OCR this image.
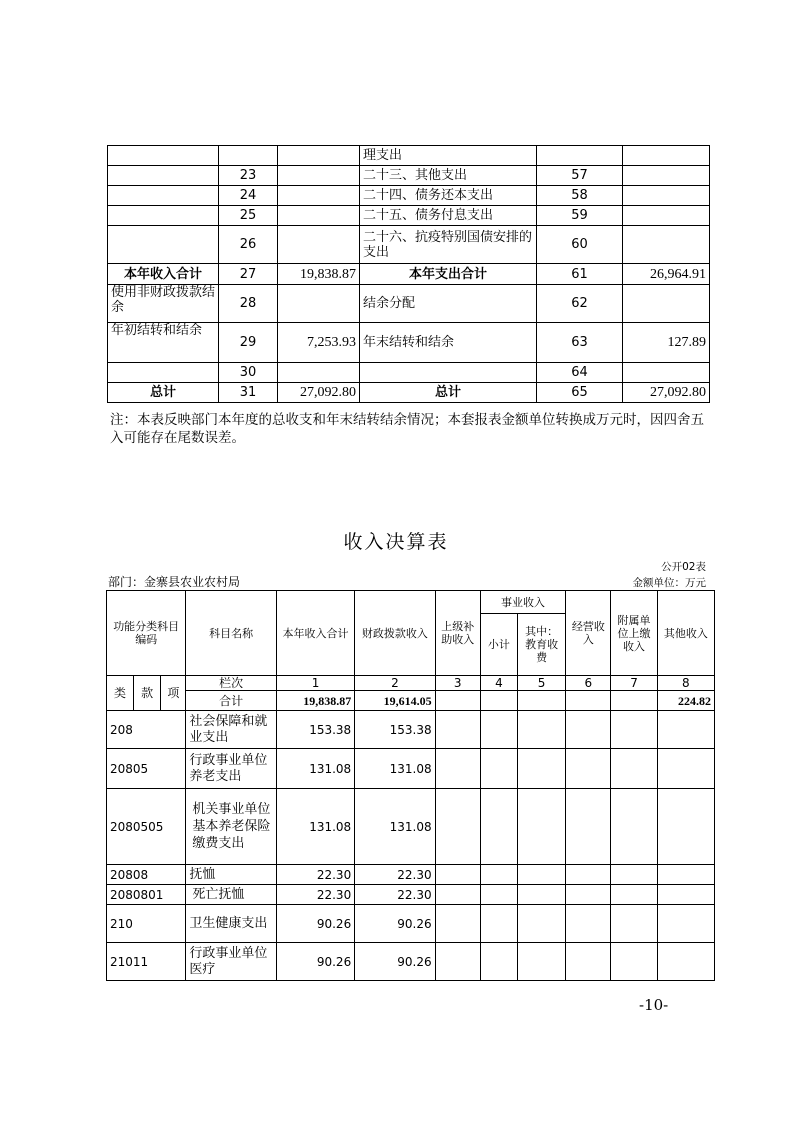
			理支出		
	23		二十三、其他支出	57	
	24		二十四、债务还本支出	58	
	25		二十五、债务付息支出	59	
	26		二十六、抗疫特别国债安排的支出	60	
本年收入合计	27	19,838.87	本年支出合计	61	26,964.91
使用非财政拨款结余	28		结余分配	62	
年初结转和结余	29	7,253.93	年末结转和结余	63	127.89
	30			64	
总计	31	27,092.80	总计	65	27,092.80
注：本表反映部门本年度的总收支和年末结转结余情况；本套报表金额单位转换成万元时，因四舍五入可能存在尾数误差。
收入决算表
公开02表
金额单位：万元
部门：金寨县农业农村局
功能分类科目编码			科目名称	本年收入合计	财政拨款收入	上级补助收入	事业收入		经营收入	附属单位上缴收入	其他收入
							小计	其中：教育收费			

类	款	项	栏次	1	2	3	4	5	6	7	8
			合计	19,838.87	19,614.05						224.82
208			社会保障和就业支出	153.38	153.38						
20805			行政事业单位养老支出	131.08	131.08						
2080505			机关事业单位基本养老保险缴费支出	131.08	131.08						
20808			抚恤	22.30	22.30						
2080801			死亡抚恤	22.30	22.30						
210			卫生健康支出	90.26	90.26						
21011			行政事业单位医疗	90.26	90.26						
-10-
